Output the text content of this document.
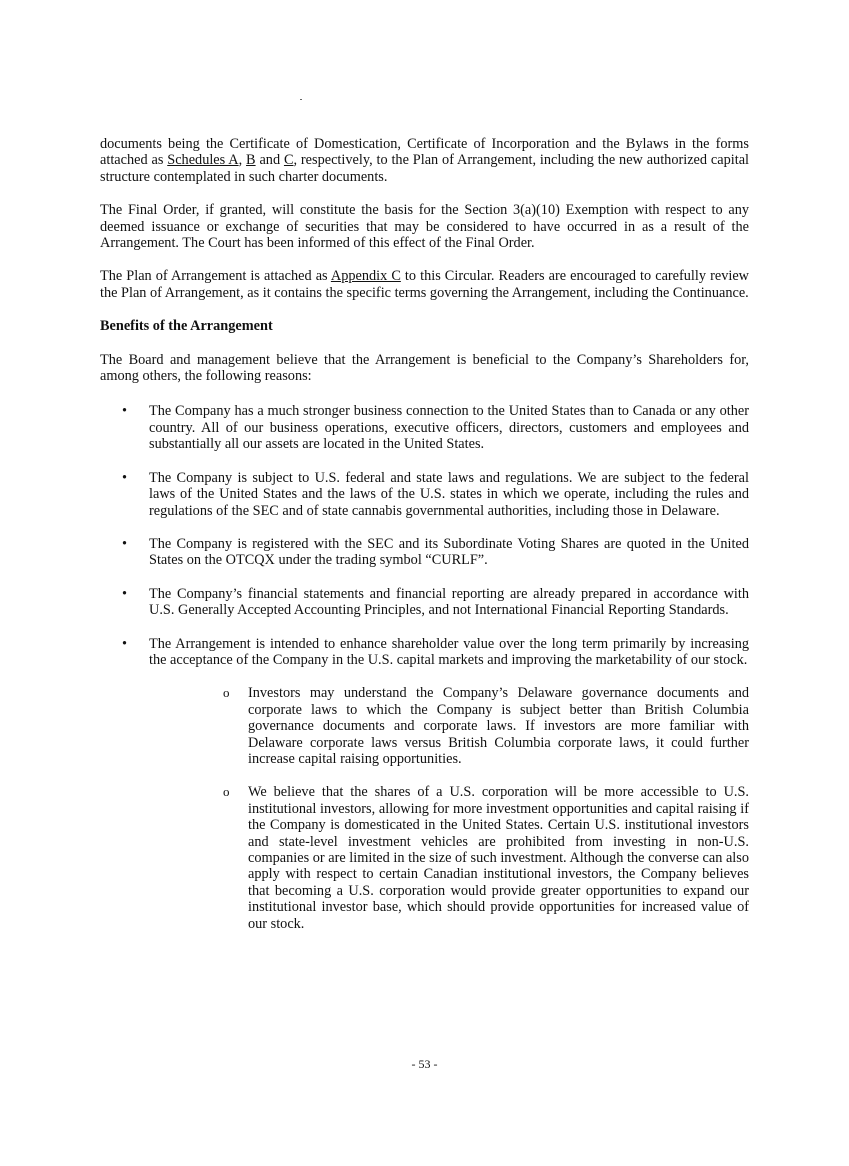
documents being the Certificate of Domestication, Certificate of Incorporation and the Bylaws in the forms attached as Schedules A, B and C, respectively, to the Plan of Arrangement, including the new authorized capital structure contemplated in such charter documents.

The Final Order, if granted, will constitute the basis for the Section 3(a)(10) Exemption with respect to any deemed issuance or exchange of securities that may be considered to have occurred in as a result of the Arrangement. The Court has been informed of this effect of the Final Order.

The Plan of Arrangement is attached as Appendix C to this Circular. Readers are encouraged to carefully review the Plan of Arrangement, as it contains the specific terms governing the Arrangement, including the Continuance.

Benefits of the Arrangement

The Board and management believe that the Arrangement is beneficial to the Company’s Shareholders for, among others, the following reasons:

• The Company has a much stronger business connection to the United States than to Canada or any other country. All of our business operations, executive officers, directors, customers and employees and substantially all our assets are located in the United States.
• The Company is subject to U.S. federal and state laws and regulations. We are subject to the federal laws of the United States and the laws of the U.S. states in which we operate, including the rules and regulations of the SEC and of state cannabis governmental authorities, including those in Delaware.
• The Company is registered with the SEC and its Subordinate Voting Shares are quoted in the United States on the OTCQX under the trading symbol “CURLF”.
• The Company’s financial statements and financial reporting are already prepared in accordance with U.S. Generally Accepted Accounting Principles, and not International Financial Reporting Standards.
• The Arrangement is intended to enhance shareholder value over the long term primarily by increasing the acceptance of the Company in the U.S. capital markets and improving the marketability of our stock.
o Investors may understand the Company’s Delaware governance documents and corporate laws to which the Company is subject better than British Columbia governance documents and corporate laws. If investors are more familiar with Delaware corporate laws versus British Columbia corporate laws, it could further increase capital raising opportunities.
o We believe that the shares of a U.S. corporation will be more accessible to U.S. institutional investors, allowing for more investment opportunities and capital raising if the Company is domesticated in the United States. Certain U.S. institutional investors and state-level investment vehicles are prohibited from investing in non-U.S. companies or are limited in the size of such investment. Although the converse can also apply with respect to certain Canadian institutional investors, the Company believes that becoming a U.S. corporation would provide greater opportunities to expand our institutional investor base, which should provide opportunities for increased value of our stock.
- 53 -
